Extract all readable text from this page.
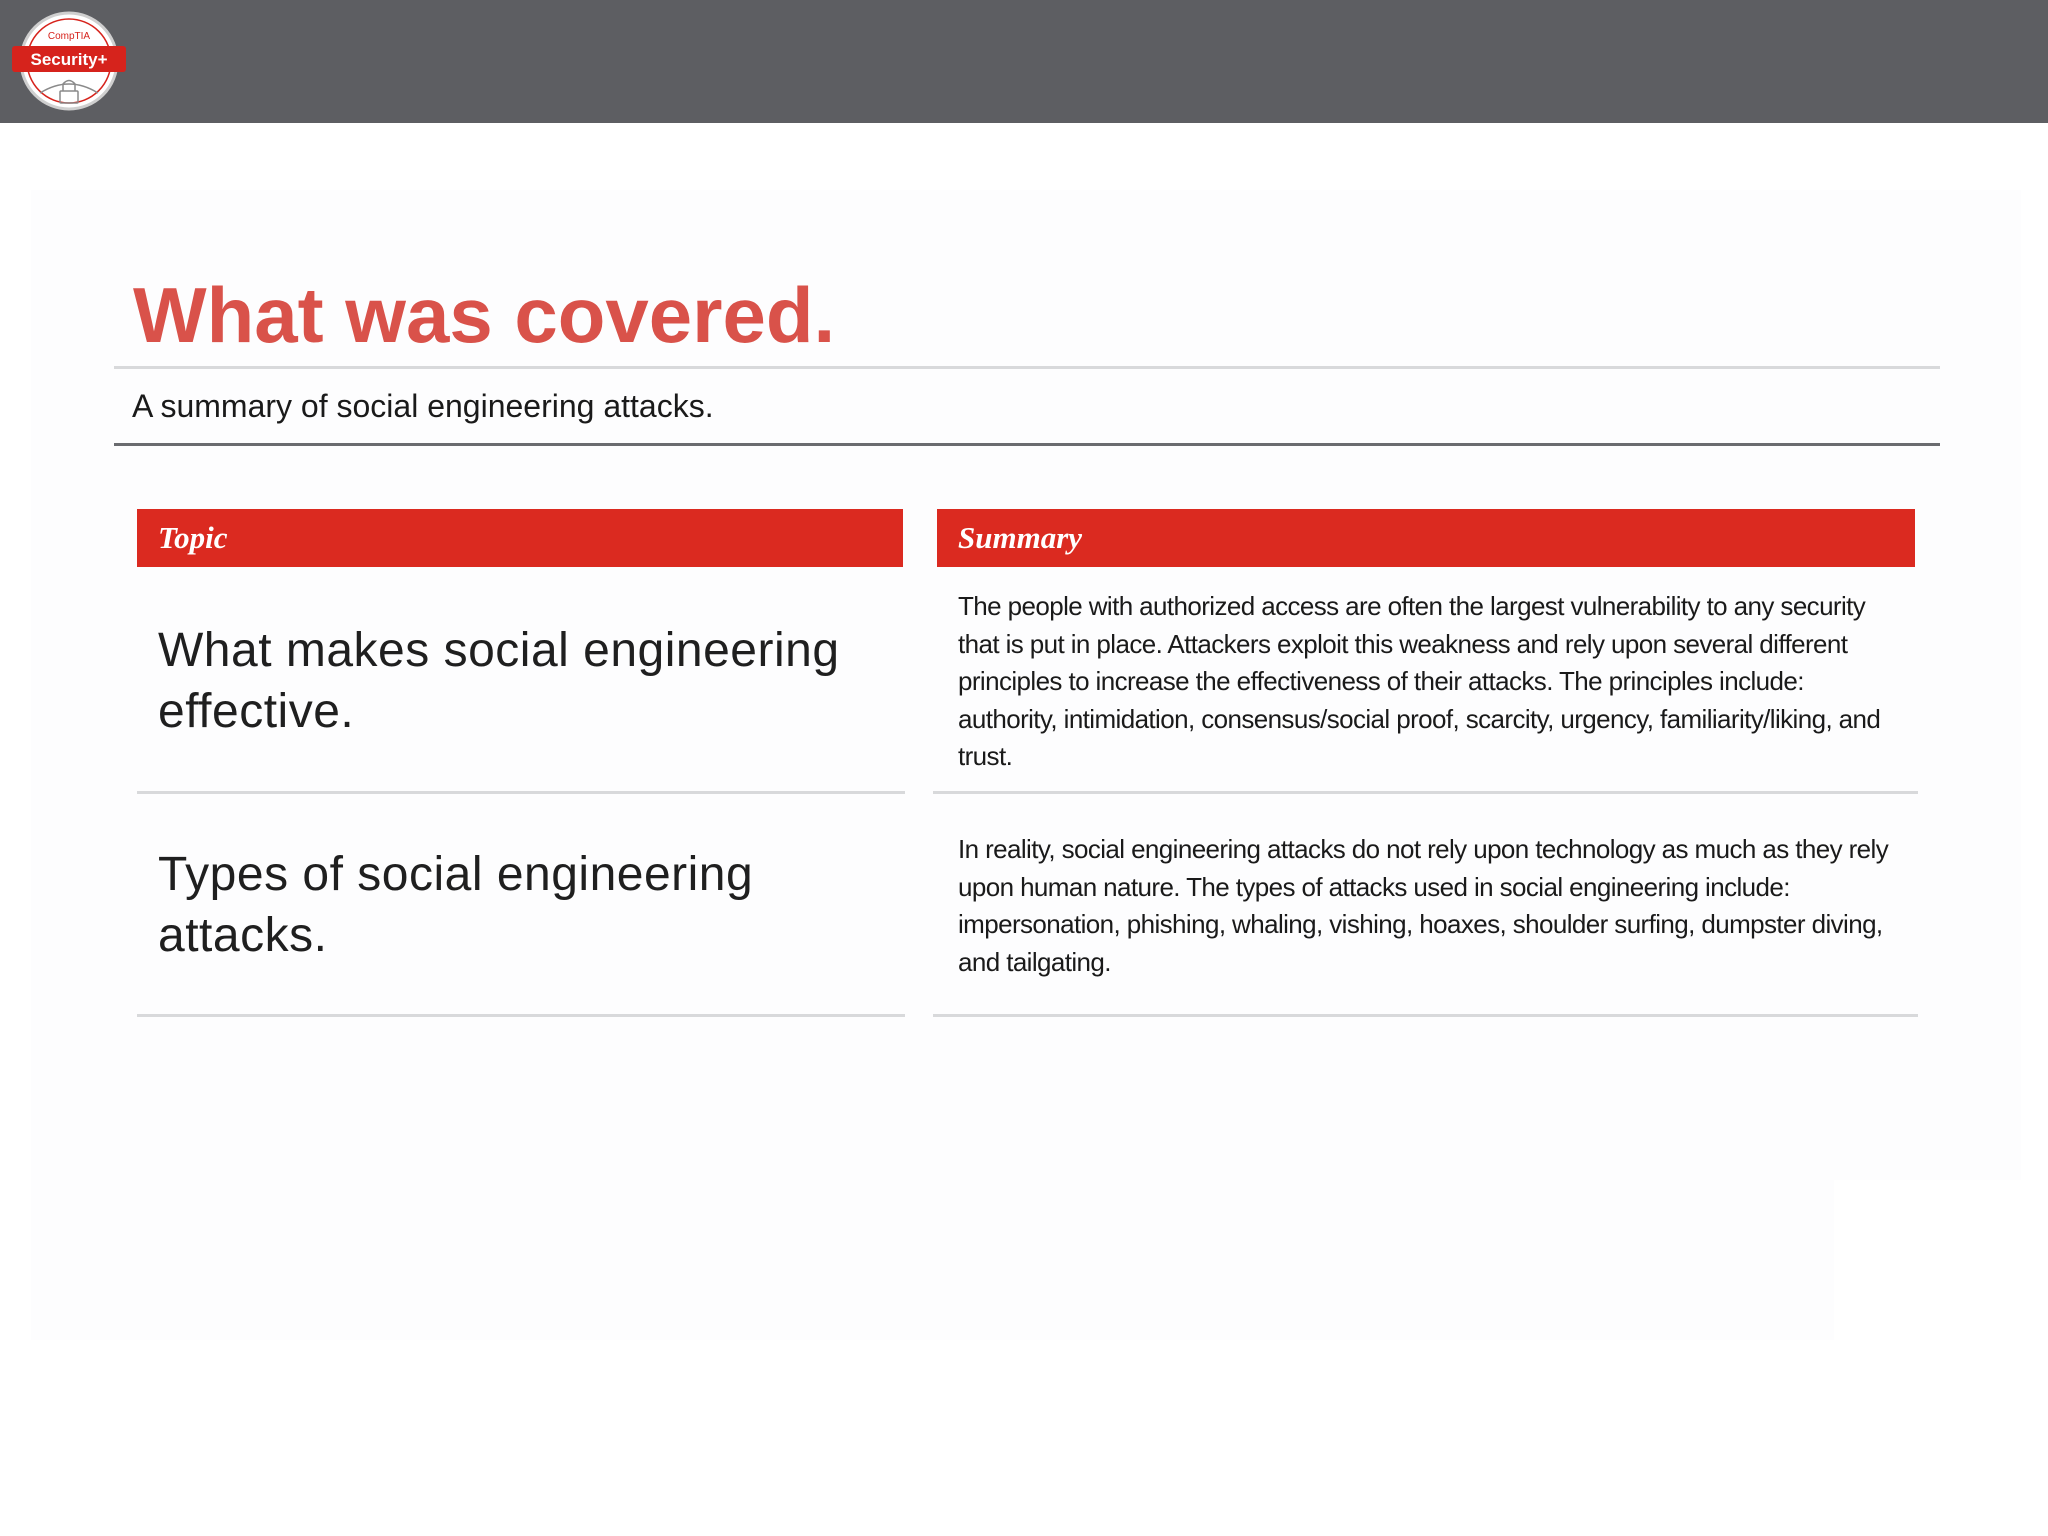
CompTIA
Security+
What was covered.
A summary of social engineering attacks.
Topic	Summary
What makes social engineering effective.
The people with authorized access are often the largest vulnerability to any security that is put in place. Attackers exploit this weakness and rely upon several different principles to increase the effectiveness of their attacks. The principles include: authority, intimidation, consensus/social proof, scarcity, urgency, familiarity/liking, and trust.
Types of social engineering attacks.
In reality, social engineering attacks do not rely upon technology as much as they rely upon human nature. The types of attacks used in social engineering include: impersonation, phishing, whaling, vishing, hoaxes, shoulder surfing, dumpster diving, and tailgating.
